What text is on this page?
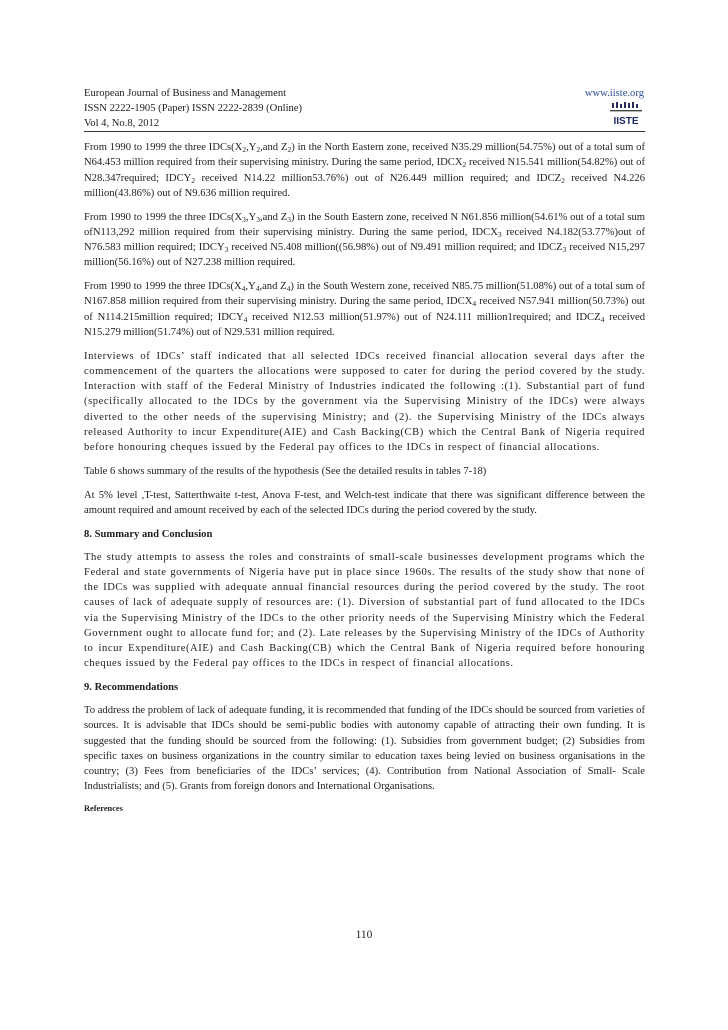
European Journal of Business and Management
ISSN 2222-1905 (Paper) ISSN 2222-2839 (Online)
Vol 4, No.8, 2012
www.iiste.org
IISTE

From 1990 to 1999 the three $IDCs(X_2,Y_2,and$ $Z_2$) in the North Eastern zone, received N35.29 million(54.75%) out of a total sum of N64.453 million required from their supervising ministry. During the same period, $IDCX_2$ received N15.541 million(54.82%) out of N28.347required; $IDCY_2$ received N14.22 million53.76%) out of N26.449 million required; and $IDCZ_2$ received N4.226 million(43.86%) out of N9.636 million required.

From 1990 to 1999 the three $IDCs(X_3,Y_3,and$ $Z_3$) in the South Eastern zone, received N N61.856 million(54.61% out of a total sum ofN113,292 million required from their supervising ministry. During the same period, $IDCX_3$ received N4.182(53.77%)out of N76.583 million required; $IDCY_3$ received N5.408 million((56.98%) out of N9.491 million required; and $IDCZ_3$ received N15,297 million(56.16%) out of N27.238 million required.

From 1990 to 1999 the three $IDCs(X_4,Y_4,and$ $Z_4$) in the South Western zone, received N85.75 million(51.08%) out of a total sum of N167.858 million required from their supervising ministry. During the same period, $IDCX_4$ received N57.941 million(50.73%) out of N114.215million required; $IDCY_4$ received N12.53 million(51.97%) out of N24.111 million1required; and $IDCZ_4$ received N15.279 million(51.74%) out of N29.531 million required.

Interviews of IDCs’ staff indicated that all selected IDCs received financial allocation several days after the commencement of the quarters the allocations were supposed to cater for during the period covered by the study. Interaction with staff of the Federal Ministry of Industries indicated the following :(1). Substantial part of fund (specifically allocated to the IDCs by the government via the Supervising Ministry of the IDCs) were always diverted to the other needs of the supervising Ministry; and (2). the Supervising Ministry of the IDCs always released Authority to incur Expenditure(AIE) and Cash Backing(CB) which the Central Bank of Nigeria required before honouring cheques issued by the Federal pay offices to the IDCs in respect of financial allocations.

Table 6 shows summary of the results of the hypothesis (See the detailed results in tables 7-18)

At 5% level ,T-test, Satterthwaite t-test, Anova F-test, and Welch-test indicate that there was significant difference between the amount required and amount received by each of the selected IDCs during the period covered by the study.

8. Summary and Conclusion

The study attempts to assess the roles and constraints of small-scale businesses development programs which the Federal and state governments of Nigeria have put in place since 1960s. The results of the study show that none of the IDCs was supplied with adequate annual financial resources during the period covered by the study. The root causes of lack of adequate supply of resources are: (1). Diversion of substantial part of fund allocated to the IDCs via the Supervising Ministry of the IDCs to the other priority needs of the Supervising Ministry which the Federal Government ought to allocate fund for; and (2). Late releases by the Supervising Ministry of the IDCs of Authority to incur Expenditure(AIE) and Cash Backing(CB) which the Central Bank of Nigeria required before honouring cheques issued by the Federal pay offices to the IDCs in respect of financial allocations.

9. Recommendations

To address the problem of lack of adequate funding, it is recommended that funding of the IDCs should be sourced from varieties of sources. It is advisable that IDCs should be semi-public bodies with autonomy capable of attracting their own funding. It is suggested that the funding should be sourced from the following: (1). Subsidies from government budget; (2) Subsidies from specific taxes on business organizations in the country similar to education taxes being levied on business organisations in the country; (3) Fees from beneficiaries of the IDCs’ services; (4). Contribution from National Association of Small- Scale Industrialists; and (5). Grants from foreign donors and International Organisations.

References
110
